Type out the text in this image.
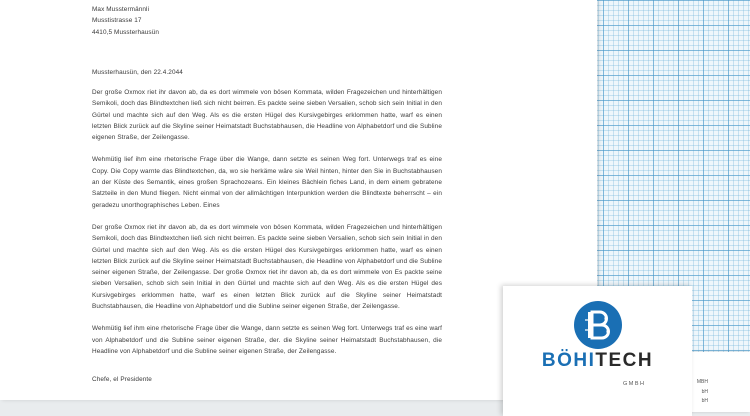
Max Musstermännli
Musstistrasse 17
4410,5 Mussterhausün
Mussterhausün, den 22.4.2044

Der große Oxmox riet ihr davon ab, da es dort wimmele von bösen Kommata, wilden Fragezeichen und hinterhältigen Semikoli, doch das Blindtextchen ließ sich nicht beirren. Es packte seine sieben Versalien, schob sich sein Initial in den Gürtel und machte sich auf den Weg. Als es die ersten Hügel des Kursivgebirges erklommen hatte, warf es einen letzten Blick zurück auf die Skyline seiner Heimatstadt Buchstabhausen, die Headline von Alphabetdorf und die Subline eigenen Straße, der Zeilengasse.

Wehmütig lief ihm eine rhetorische Frage über die Wange, dann setzte es seinen Weg fort. Unterwegs traf es eine Copy. Die Copy warnte das Blindtextchen, da, wo sie herkäme wäre sie Weil hinten, hinter den Sie in Buchstabhausen an der Küste des Semantik, eines großen Sprachozeans. Ein kleines Bächlein fiches Land, in dem einem gebratene Satzteile in den Mund fliegen. Nicht einmal von der allmächtigen Interpunktion werden die Blindtexte beherrscht – ein geradezu unorthographisches Leben. Eines

Der große Oxmox riet ihr davon ab, da es dort wimmele von bösen Kommata, wilden Fragezeichen und hinterhältigen Semikoli, doch das Blindtextchen ließ sich nicht beirren. Es packte seine sieben Versalien, schob sich sein Initial in den Gürtel und machte sich auf den Weg. Als es die ersten Hügel des Kursivgebirges erklommen hatte, warf es einen letzten Blick zurück auf die Skyline seiner Heimatstadt Buchstabhausen, die Headline von Alphabetdorf und die Subline seiner eigenen Straße, der Zeilengasse. Der große Oxmox riet ihr davon ab, da es dort wimmele von Es packte seine sieben Versalien, schob sich sein Initial in den Gürtel und machte sich auf den Weg. Als es die ersten Hügel des Kursivgebirges erklommen hatte, warf es einen letzten Blick zurück auf die Skyline seiner Heimatstadt Buchstabhausen, die Headline von Alphabetdorf und die Subline seiner eigenen Straße, der Zeilengasse.

Wehmütig lief ihm eine rhetorische Frage über die Wange, dann setzte es seinen Weg fort. Unterwegs traf es eine warf von Alphabetdorf und die Subline seiner eigenen Straße, der. die Skyline seiner Heimatstadt Buchstabhausen, die Headline von Alphabetdorf und die Subline seiner eigenen Straße, der Zeilengasse.

Chefe, el Presidente	MBH
bH
bH
BÖHITECH
GMBH
